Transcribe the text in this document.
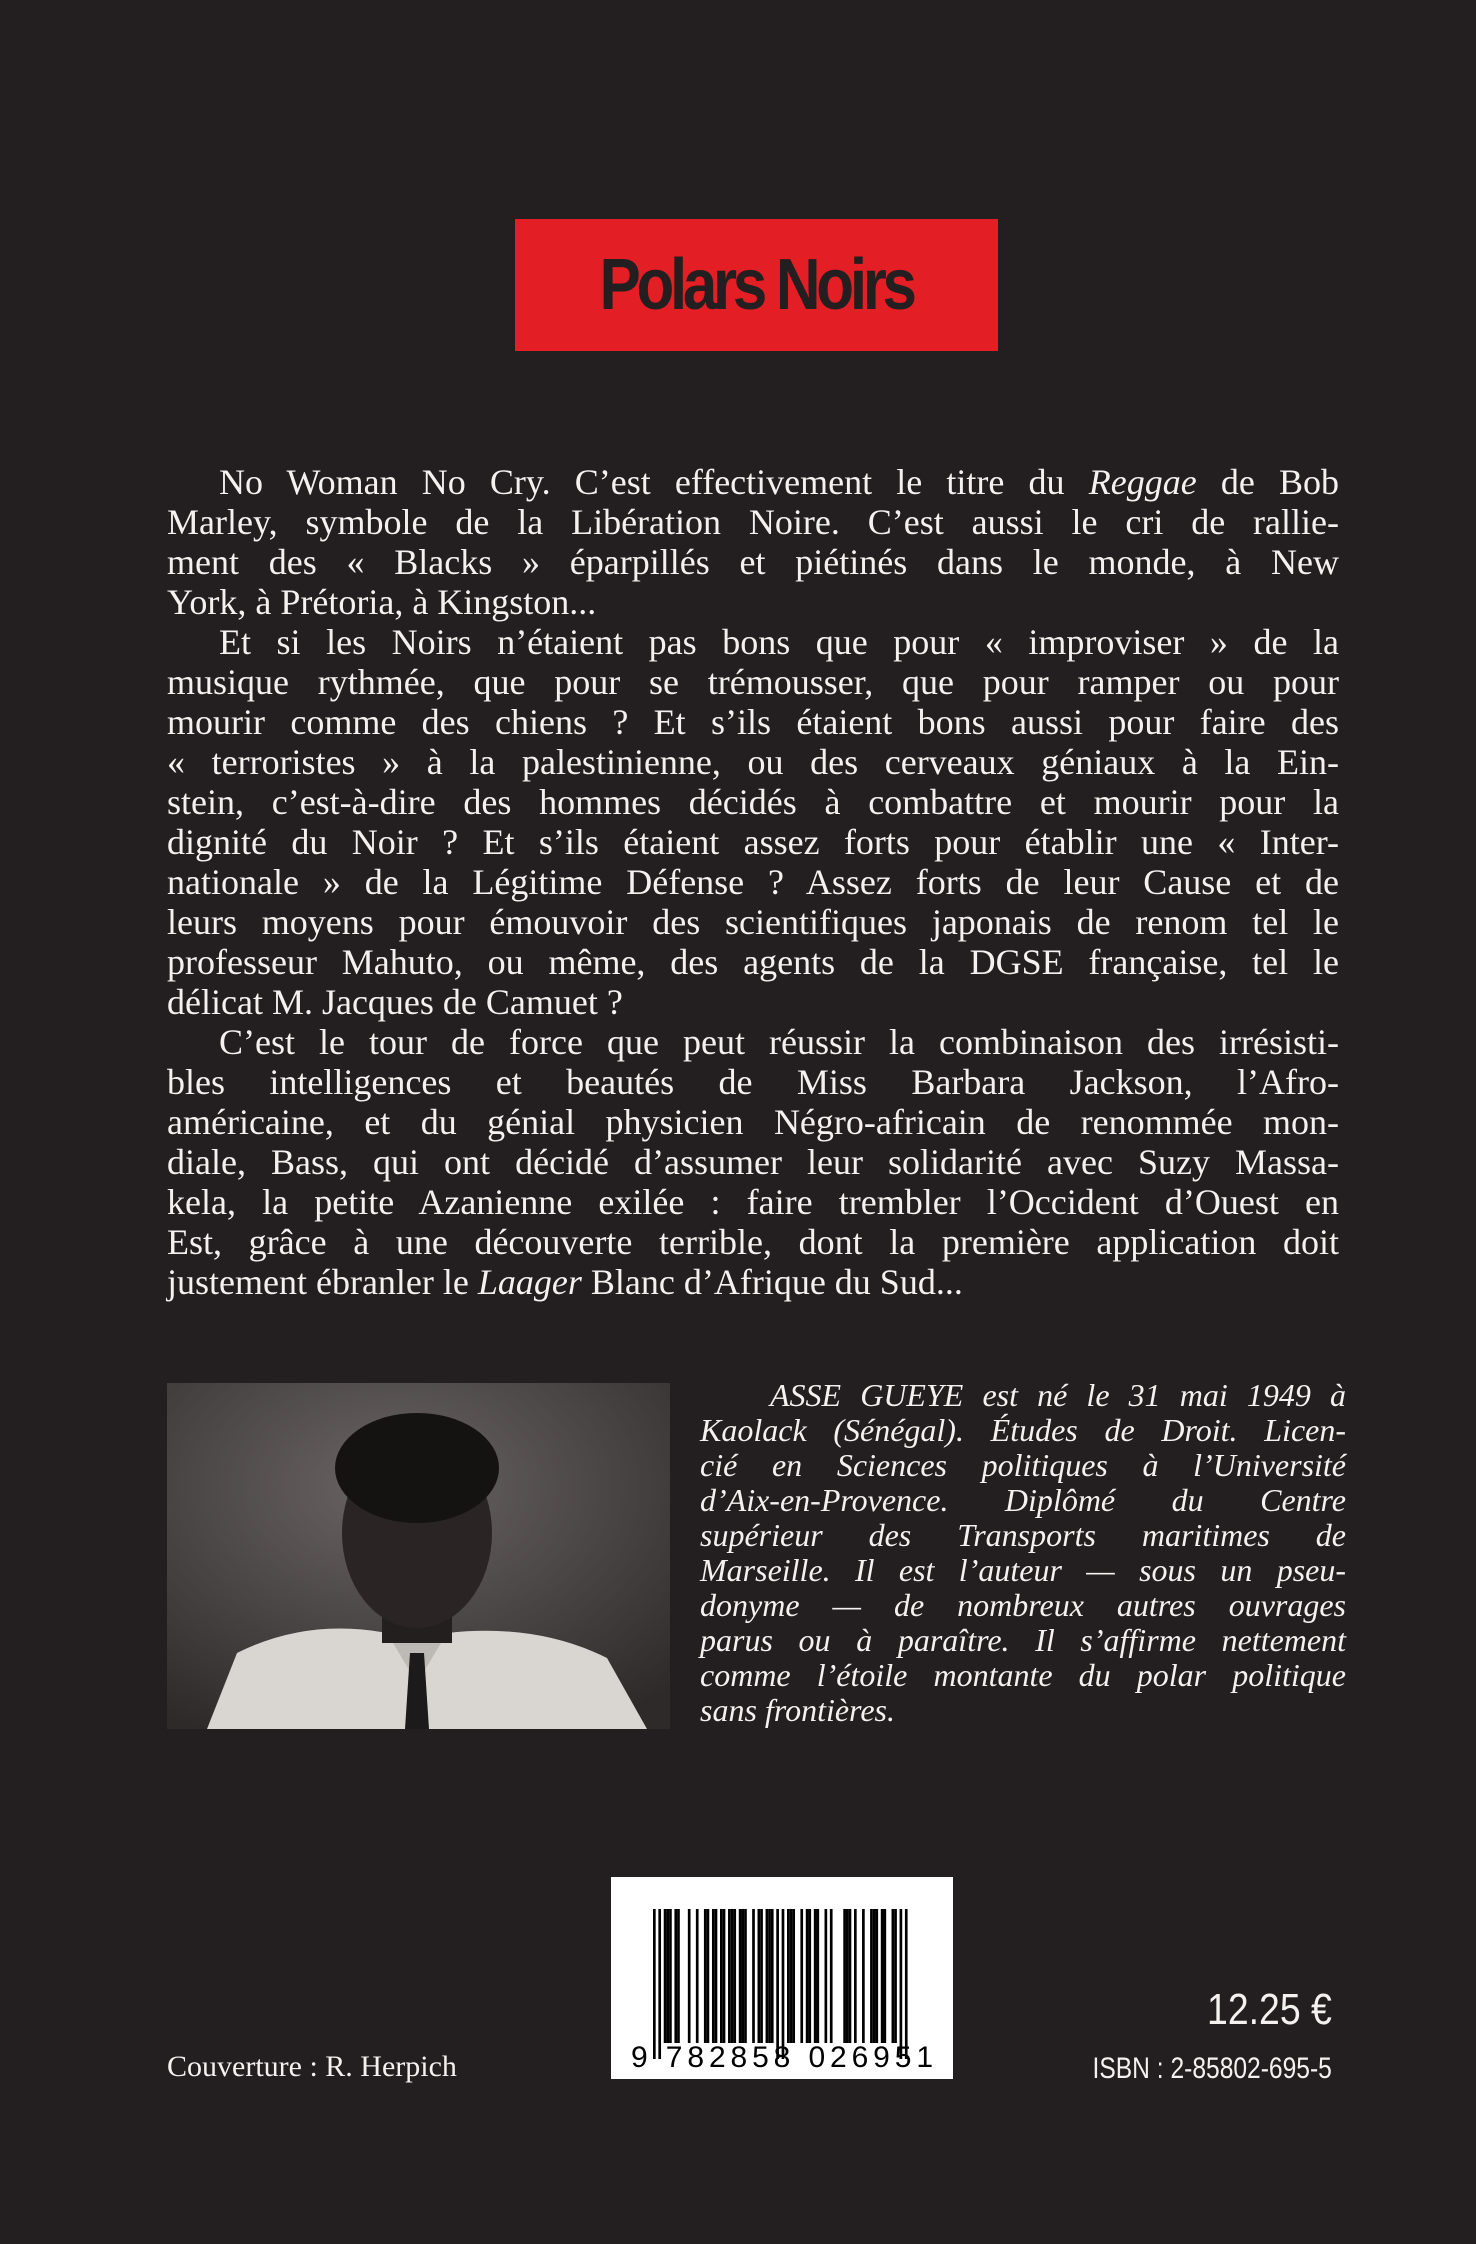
Polars Noirs
No Woman No Cry. C’est effectivement le titre du Reggae de Bob
Marley, symbole de la Libération Noire. C’est aussi le cri de rallie-
ment des « Blacks » éparpillés et piétinés dans le monde, à New
York, à Prétoria, à Kingston...
Et si les Noirs n’étaient pas bons que pour « improviser » de la
musique rythmée, que pour se trémousser, que pour ramper ou pour
mourir comme des chiens ? Et s’ils étaient bons aussi pour faire des
« terroristes » à la palestinienne, ou des cerveaux géniaux à la Ein-
stein, c’est-à-dire des hommes décidés à combattre et mourir pour la
dignité du Noir ? Et s’ils étaient assez forts pour établir une « Inter-
nationale » de la Légitime Défense ? Assez forts de leur Cause et de
leurs moyens pour émouvoir des scientifiques japonais de renom tel le
professeur Mahuto, ou même, des agents de la DGSE française, tel le
délicat M. Jacques de Camuet ?
C’est le tour de force que peut réussir la combinaison des irrésisti-
bles intelligences et beautés de Miss Barbara Jackson, l’Afro-
américaine, et du génial physicien Négro-africain de renommée mon-
diale, Bass, qui ont décidé d’assumer leur solidarité avec Suzy Massa-
kela, la petite Azanienne exilée : faire trembler l’Occident d’Ouest en
Est, grâce à une découverte terrible, dont la première application doit
justement ébranler le Laager Blanc d’Afrique du Sud...
ASSE GUEYE est né le 31 mai 1949 à
Kaolack (Sénégal). Études de Droit. Licen-
cié en Sciences politiques à l’Université
d’Aix-en-Provence. Diplômé du Centre
supérieur des Transports maritimes de
Marseille. Il est l’auteur — sous un pseu-
donyme — de nombreux autres ouvrages
parus ou à paraître. Il s’affirme nettement
comme l’étoile montante du polar politique
sans frontières.
9 782858 026951
Couverture : R. Herpich
12.25 €
ISBN : 2-85802-695-5
